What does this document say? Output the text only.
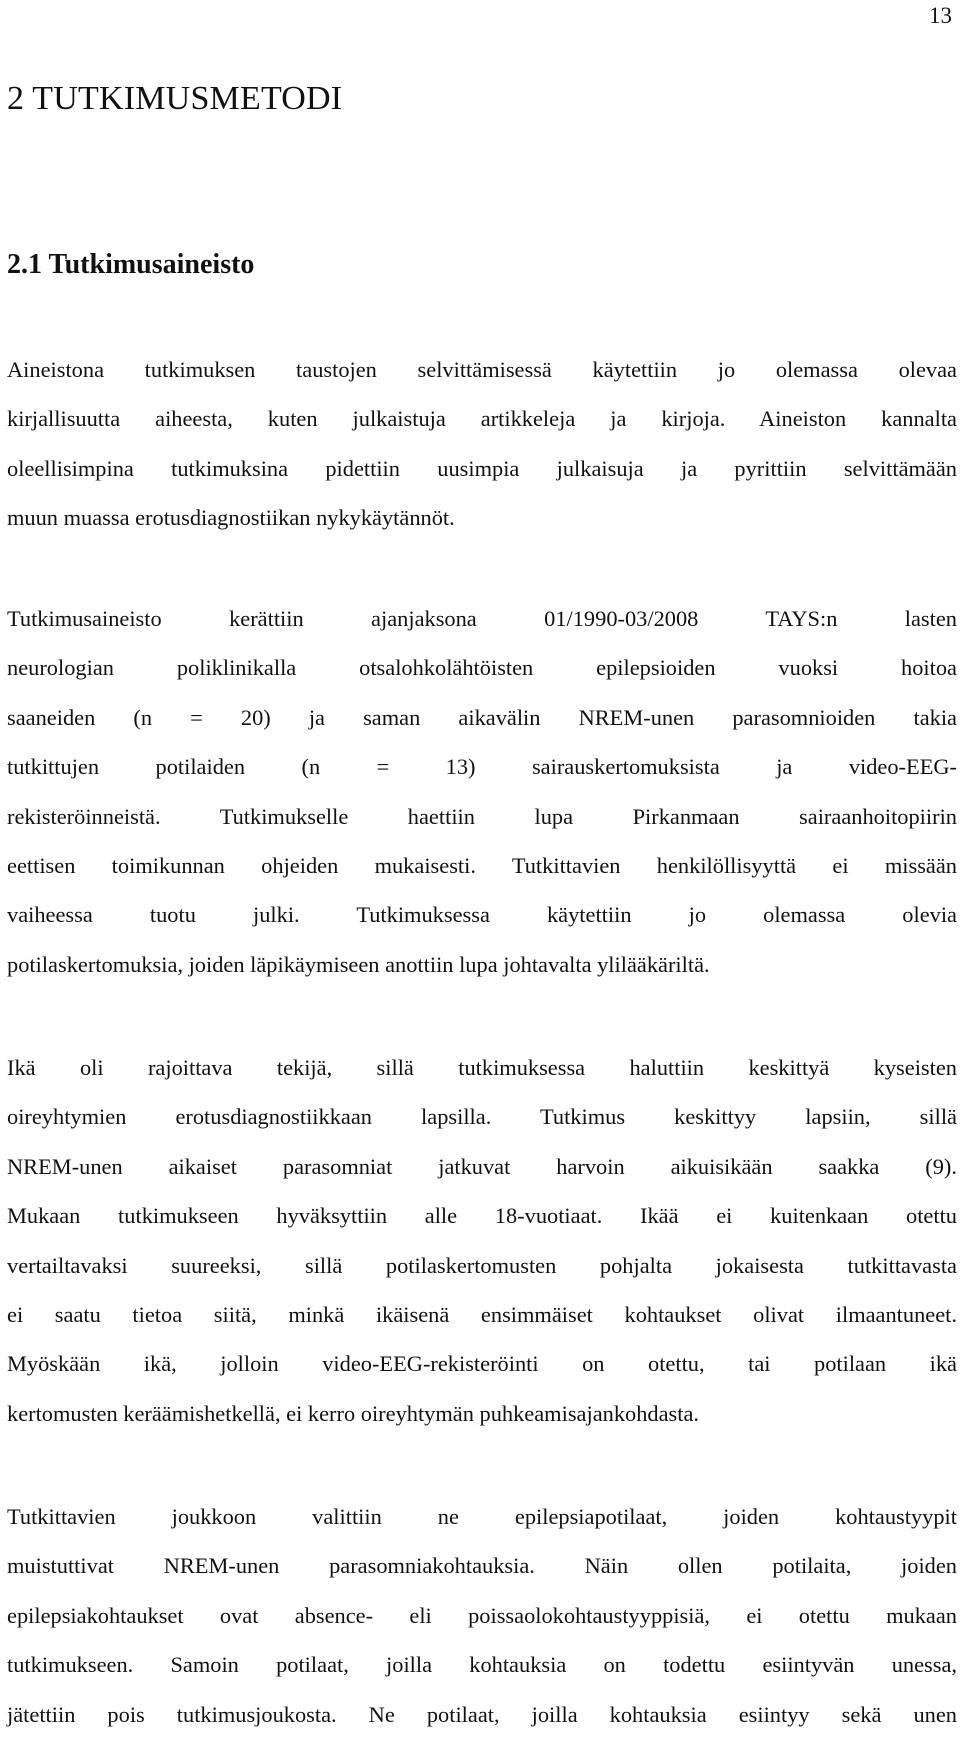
13
2 TUTKIMUSMETODI
2.1 Tutkimusaineisto
Aineistona tutkimuksen taustojen selvittämisessä käytettiin jo olemassa olevaa
kirjallisuutta aiheesta, kuten julkaistuja artikkeleja ja kirjoja. Aineiston kannalta
oleellisimpina tutkimuksina pidettiin uusimpia julkaisuja ja pyrittiin selvittämään
muun muassa erotusdiagnostiikan nykykäytännöt.
Tutkimusaineisto kerättiin ajanjaksona 01/1990-03/2008 TAYS:n lasten
neurologian poliklinikalla otsalohkolähtöisten epilepsioiden vuoksi hoitoa
saaneiden (n = 20) ja saman aikavälin NREM-unen parasomnioiden takia
tutkittujen potilaiden (n = 13) sairauskertomuksista ja video-EEG-
rekisteröinneistä. Tutkimukselle haettiin lupa Pirkanmaan sairaanhoitopiirin
eettisen toimikunnan ohjeiden mukaisesti. Tutkittavien henkilöllisyyttä ei missään
vaiheessa tuotu julki. Tutkimuksessa käytettiin jo olemassa olevia
potilaskertomuksia, joiden läpikäymiseen anottiin lupa johtavalta ylilääkäriltä.
Ikä oli rajoittava tekijä, sillä tutkimuksessa haluttiin keskittyä kyseisten
oireyhtymien erotusdiagnostiikkaan lapsilla. Tutkimus keskittyy lapsiin, sillä
NREM-unen aikaiset parasomniat jatkuvat harvoin aikuisikään saakka (9).
Mukaan tutkimukseen hyväksyttiin alle 18-vuotiaat. Ikää ei kuitenkaan otettu
vertailtavaksi suureeksi, sillä potilaskertomusten pohjalta jokaisesta tutkittavasta
ei saatu tietoa siitä, minkä ikäisenä ensimmäiset kohtaukset olivat ilmaantuneet.
Myöskään ikä, jolloin video-EEG-rekisteröinti on otettu, tai potilaan ikä
kertomusten keräämishetkellä, ei kerro oireyhtymän puhkeamisajankohdasta.
Tutkittavien joukkoon valittiin ne epilepsiapotilaat, joiden kohtaustyypit
muistuttivat NREM-unen parasomniakohtauksia. Näin ollen potilaita, joiden
epilepsiakohtaukset ovat absence- eli poissaolokohtaustyyppisiä, ei otettu mukaan
tutkimukseen. Samoin potilaat, joilla kohtauksia on todettu esiintyvän unessa,
jätettiin pois tutkimusjoukosta. Ne potilaat, joilla kohtauksia esiintyy sekä unen
